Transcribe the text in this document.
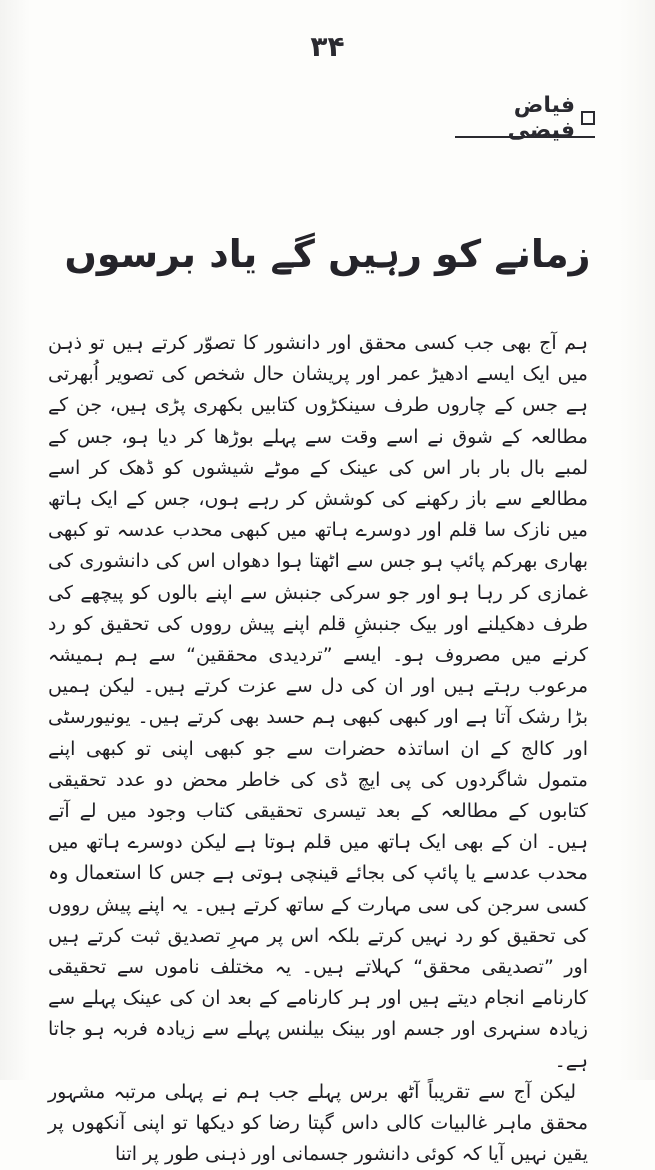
۳۴
فیاض فیضی
زمانے کو رہیں گے یاد برسوں

ہم آج بھی جب کسی محقق اور دانشور کا تصوّر کرتے ہیں تو ذہن میں ایک ایسے ادھیڑ عمر اور پریشان حال شخص کی تصویر اُبھرتی ہے جس کے چاروں طرف سینکڑوں کتابیں بکھری پڑی ہیں، جن کے مطالعہ کے شوق نے اسے وقت سے پہلے بوڑھا کر دیا ہو، جس کے لمبے بال بار بار اس کی عینک کے موٹے شیشوں کو ڈھک کر اسے مطالعے سے باز رکھنے کی کوشش کر رہے ہوں، جس کے ایک ہاتھ میں نازک سا قلم اور دوسرے ہاتھ میں کبھی محدب عدسہ تو کبھی بھاری بھرکم پائپ ہو جس سے اٹھتا ہوا دھواں اس کی دانشوری کی غمازی کر رہا ہو اور جو سرکی جنبش سے اپنے بالوں کو پیچھے کی طرف دھکیلنے اور بیک جنبشِ قلم اپنے پیش رووں کی تحقیق کو رد کرنے میں مصروف ہو۔ ایسے ”تردیدی محققین“ سے ہم ہمیشہ مرعوب رہتے ہیں اور ان کی دل سے عزت کرتے ہیں۔ لیکن ہمیں بڑا رشک آتا ہے اور کبھی کبھی ہم حسد بھی کرتے ہیں۔ یونیورسٹی اور کالج کے ان اساتذہ حضرات سے جو کبھی اپنی تو کبھی اپنے متمول شاگردوں کی پی ایچ ڈی کی خاطر محض دو عدد تحقیقی کتابوں کے مطالعہ کے بعد تیسری تحقیقی کتاب وجود میں لے آتے ہیں۔ ان کے بھی ایک ہاتھ میں قلم ہوتا ہے لیکن دوسرے ہاتھ میں محدب عدسے یا پائپ کی بجائے قینچی ہوتی ہے جس کا استعمال وہ کسی سرجن کی سی مہارت کے ساتھ کرتے ہیں۔ یہ اپنے پیش رووں کی تحقیق کو رد نہیں کرتے بلکہ اس پر مہرِ تصدیق ثبت کرتے ہیں اور ”تصدیقی محقق“ کہلاتے ہیں۔ یہ مختلف ناموں سے تحقیقی کارنامے انجام دیتے ہیں اور ہر کارنامے کے بعد ان کی عینک پہلے سے زیادہ سنہری اور جسم اور بینک بیلنس پہلے سے زیادہ فربہ ہو جاتا ہے۔

لیکن آج سے تقریباً آٹھ برس پہلے جب ہم نے پہلی مرتبہ مشہور محقق ماہر غالبیات کالی داس گپتا رضا کو دیکھا تو اپنی آنکھوں پر یقین نہیں آیا کہ کوئی دانشور جسمانی اور ذہنی طور پر اتنا
